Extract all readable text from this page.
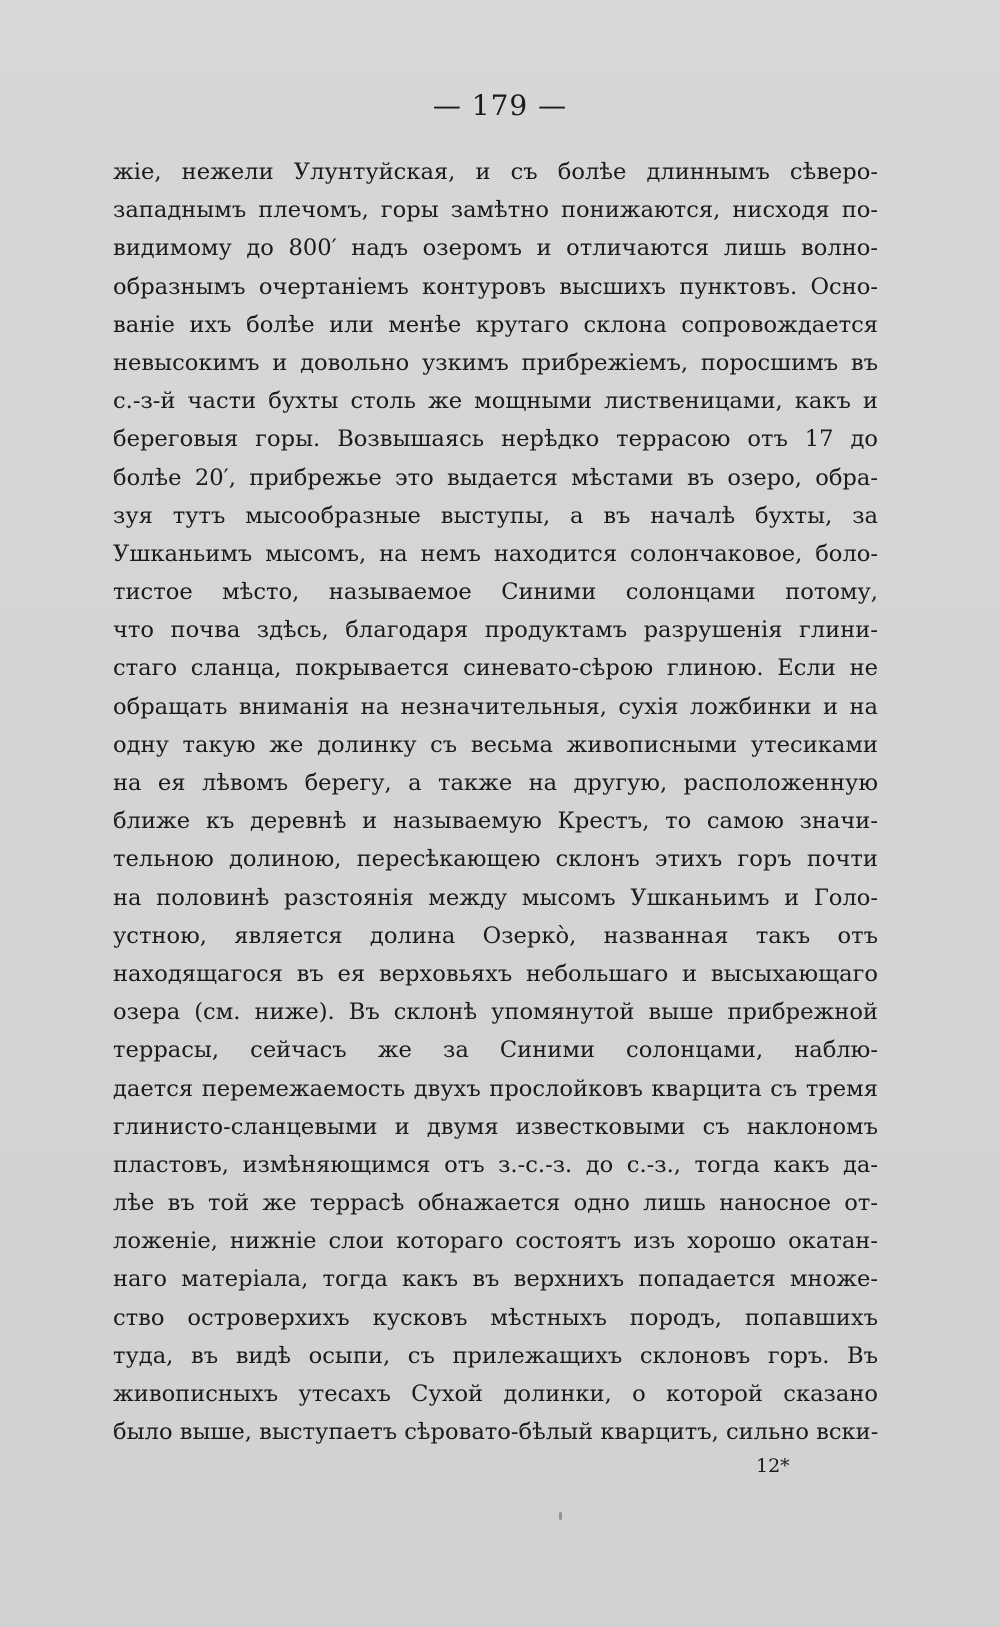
— 179 —
жіе, нежели Улунтуйская, и съ болѣе длиннымъ сѣверо-
западнымъ плечомъ, горы замѣтно понижаются, нисходя по-
видимому до 800′ надъ озеромъ и отличаются лишь волно-
образнымъ очертаніемъ контуровъ высшихъ пунктовъ. Осно-
ваніе ихъ болѣе или менѣе крутаго склона сопровождается
невысокимъ и довольно узкимъ прибрежіемъ, поросшимъ въ
с.-з-й части бухты столь же мощными лиственицами, какъ и
береговыя горы. Возвышаясь нерѣдко террасою отъ 17 до
болѣе 20′, прибрежье это выдается мѣстами въ озеро, обра-
зуя тутъ мысообразные выступы, а въ началѣ бухты, за
Ушканьимъ мысомъ, на немъ находится солончаковое, боло-
тистое мѣсто, называемое Синими солонцами потому,
что почва здѣсь, благодаря продуктамъ разрушенія глини-
стаго сланца, покрывается синевато-сѣрою глиною. Если не
обращать вниманія на незначительныя, сухія ложбинки и на
одну такую же долинку съ весьма живописными утесиками
на ея лѣвомъ берегу, а также на другую, расположенную
ближе къ деревнѣ и называемую Крестъ, то самою значи-
тельною долиною, пересѣкающею склонъ этихъ горъ почти
на половинѣ разстоянія между мысомъ Ушканьимъ и Голо-
устною, является долина Озеркò, названная такъ отъ
находящагося въ ея верховьяхъ небольшаго и высыхающаго
озера (см. ниже). Въ склонѣ упомянутой выше прибрежной
террасы, сейчасъ же за Синими солонцами, наблю-
дается перемежаемость двухъ прослойковъ кварцита съ тремя
глинисто-сланцевыми и двумя известковыми съ наклономъ
пластовъ, измѣняющимся отъ з.-с.-з. до с.-з., тогда какъ да-
лѣе въ той же террасѣ обнажается одно лишь наносное от-
ложеніе, нижніе слои котораго состоятъ изъ хорошо окатан-
наго матеріала, тогда какъ въ верхнихъ попадается множе-
ство островерхихъ кусковъ мѣстныхъ породъ, попавшихъ
туда, въ видѣ осыпи, съ прилежащихъ склоновъ горъ. Въ
живописныхъ утесахъ Сухой долинки, о которой сказано
было выше, выступаетъ сѣровато-бѣлый кварцитъ, сильно вски-
12*
